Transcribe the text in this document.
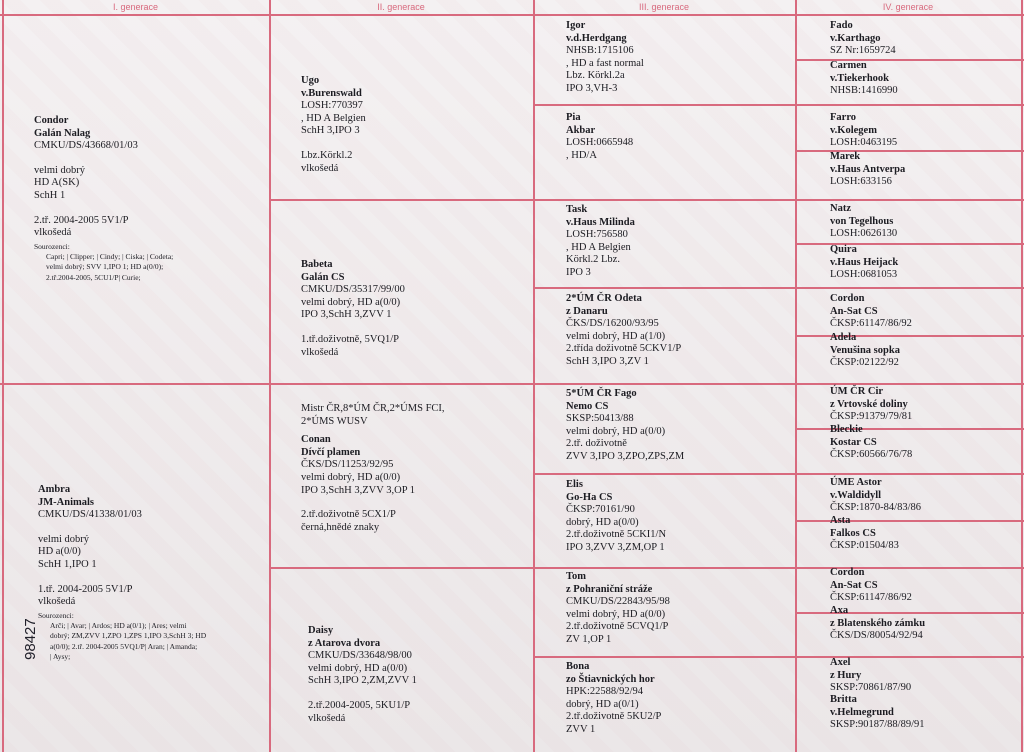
I. generace	II. generace	III. generace	IV. generace
Condor
Galán Nalag
CMKU/DS/43668/01/03
velmi dobrý
HD A(SK)
SchH 1
2.tř. 2004-2005 5V1/P
vlkošedá
Sourozenci:
Capri; | Clipper; | Cindy; | Ciska; | Codeta;
velmi dobrý; SVV 1,IPO 1; HD a(0/0);
2.tř.2004-2005, 5CU1/P| Curie;
Ambra
JM-Animals
CMKU/DS/41338/01/03
velmi dobrý
HD a(0/0)
SchH 1,IPO 1
1.tř. 2004-2005 5V1/P
vlkošedá
Sourozenci:
Arči; | Avar; | Ardos; HD a(0/1); | Ares; velmi
dobrý; ZM,ZVV 1,ZPO 1,ZPS 1,IPO 3,SchH 3; HD
a(0/0); 2.tř. 2004-2005 5VQ1/P| Aran; | Amanda;
| Aysy;
98427
Ugo
v.Burenswald
LOSH:770397
, HD A Belgien
SchH 3,IPO 3
Lbz.Körkl.2
vlkošedá
Babeta
Galán CS
CMKU/DS/35317/99/00
velmi dobrý, HD a(0/0)
IPO 3,SchH 3,ZVV 1
1.tř.doživotně, 5VQ1/P
vlkošedá
Mistr ČR,8*ÚM ČR,2*ÚMS FCI,
2*ÚMS WUSV
Conan
Dívčí plamen
ČKS/DS/11253/92/95
velmi dobrý, HD a(0/0)
IPO 3,SchH 3,ZVV 3,OP 1
2.tř.doživotně 5CX1/P
černá,hnědé znaky
Daisy
z Atarova dvora
CMKU/DS/33648/98/00
velmi dobrý, HD a(0/0)
SchH 3,IPO 2,ZM,ZVV 1
2.tř.2004-2005, 5KU1/P
vlkošedá
Igor
v.d.Herdgang
NHSB:1715106
, HD a fast normal
Lbz. Körkl.2a
IPO 3,VH-3
Pia
Akbar
LOSH:0665948
, HD/A
Task
v.Haus Milinda
LOSH:756580
, HD A Belgien
Körkl.2 Lbz.
IPO 3
2*ÚM ČR Odeta
z Danaru
ČKS/DS/16200/93/95
velmi dobrý, HD a(1/0)
2.třída doživotně 5CKV1/P
SchH 3,IPO 3,ZV 1
5*ÚM ČR Fago
Nemo CS
SKSP:50413/88
velmi dobrý, HD a(0/0)
2.tř. doživotně
ZVV 3,IPO 3,ZPO,ZPS,ZM
Elis
Go-Ha CS
ČKSP:70161/90
dobrý, HD a(0/0)
2.tř.doživotně 5CKI1/N
IPO 3,ZVV 3,ZM,OP 1
Tom
z Pohraniční stráže
CMKU/DS/22843/95/98
velmi dobrý, HD a(0/0)
2.tř.doživotně 5CVQ1/P
ZV 1,OP 1
Bona
zo Štiavnických hor
HPK:22588/92/94
dobrý, HD a(0/1)
2.tř.doživotně 5KU2/P
ZVV 1
Fado
v.Karthago
SZ Nr:1659724
Carmen
v.Tiekerhook
NHSB:1416990
Farro
v.Kolegem
LOSH:0463195
Marek
v.Haus Antverpa
LOSH:633156
Natz
von Tegelhous
LOSH:0626130
Quira
v.Haus Heijack
LOSH:0681053
Cordon
An-Sat CS
ČKSP:61147/86/92
Adela
Venušina sopka
ČKSP:02122/92
ÚM ČR Cir
z Vrtovské doliny
ČKSP:91379/79/81
Bleckie
Kostar CS
ČKSP:60566/76/78
ÚME Astor
v.Waldidyll
ČKSP:1870-84/83/86
Asta
Falkos CS
ČKSP:01504/83
Cordon
An-Sat CS
ČKSP:61147/86/92
Axa
z Blatenského zámku
ČKS/DS/80054/92/94
Axel
z Hury
SKSP:70861/87/90
Britta
v.Helmegrund
SKSP:90187/88/89/91
